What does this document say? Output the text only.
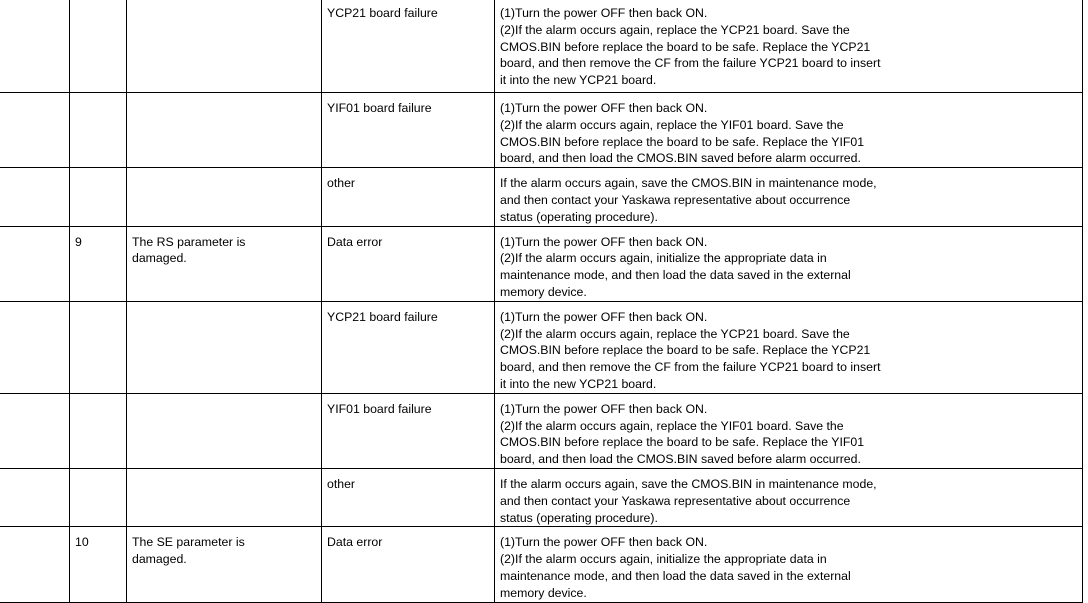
			YCP21 board failure	(1)Turn the power OFF then back ON.
(2)If the alarm occurs again, replace the YCP21 board. Save the
CMOS.BIN before replace the board to be safe. Replace the YCP21
board, and then remove the CF from the failure YCP21 board to insert
it into the new YCP21 board.
			YIF01 board failure	(1)Turn the power OFF then back ON.
(2)If the alarm occurs again, replace the YIF01 board. Save the
CMOS.BIN before replace the board to be safe. Replace the YIF01
board, and then load the CMOS.BIN saved before alarm occurred.
			other	If the alarm occurs again, save the CMOS.BIN in maintenance mode,
and then contact your Yaskawa representative about occurrence
status (operating procedure).
	9	The RS parameter is
damaged.	Data error	(1)Turn the power OFF then back ON.
(2)If the alarm occurs again, initialize the appropriate data in
maintenance mode, and then load the data saved in the external
memory device.
			YCP21 board failure	(1)Turn the power OFF then back ON.
(2)If the alarm occurs again, replace the YCP21 board. Save the
CMOS.BIN before replace the board to be safe. Replace the YCP21
board, and then remove the CF from the failure YCP21 board to insert
it into the new YCP21 board.
			YIF01 board failure	(1)Turn the power OFF then back ON.
(2)If the alarm occurs again, replace the YIF01 board. Save the
CMOS.BIN before replace the board to be safe. Replace the YIF01
board, and then load the CMOS.BIN saved before alarm occurred.
			other	If the alarm occurs again, save the CMOS.BIN in maintenance mode,
and then contact your Yaskawa representative about occurrence
status (operating procedure).
	10	The SE parameter is
damaged.	Data error	(1)Turn the power OFF then back ON.
(2)If the alarm occurs again, initialize the appropriate data in
maintenance mode, and then load the data saved in the external
memory device.
